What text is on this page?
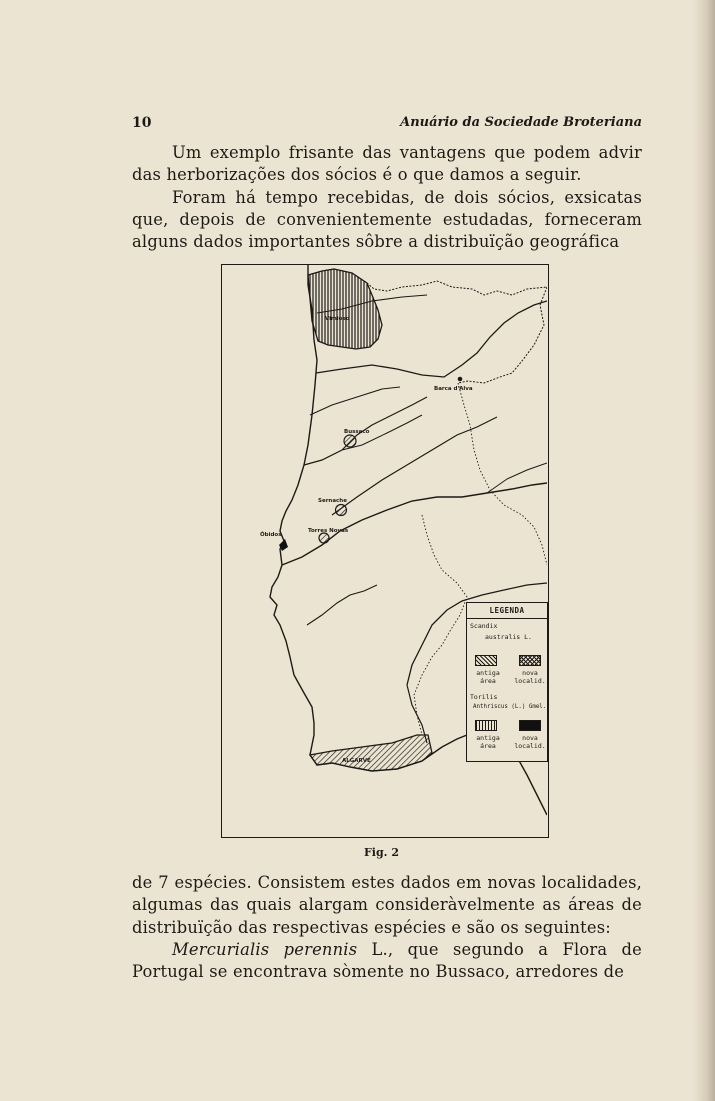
10	Anuário da Sociedade Broteriana

Um exemplo frisante das vantagens que podem advir das herborizações dos sócios é o que damos a seguir.

Foram há tempo recebidas, de dois sócios, exsicatas que, depois de convenientemente estudadas, forneceram alguns dados importantes sôbre a distribuïção geográfica

Vimioso
ALGARVE
Barca d'Alva
Bussaco
Sernache
Torres Novas
Óbidos
LEGENDA
Scandix
australis L.
antiga área
nova localid.
Torilis
Anthriscus (L.) Gmel.
antiga área
nova localid.
Fig. 2

de 7 espécies. Consistem estes dados em novas localidades, algumas das quais alargam consideràvelmente as áreas de distribuïção das respectivas espécies e são os seguintes:

Mercurialis perennis L., que segundo a Flora de Portugal se encontrava sòmente no Bussaco, arredores de
